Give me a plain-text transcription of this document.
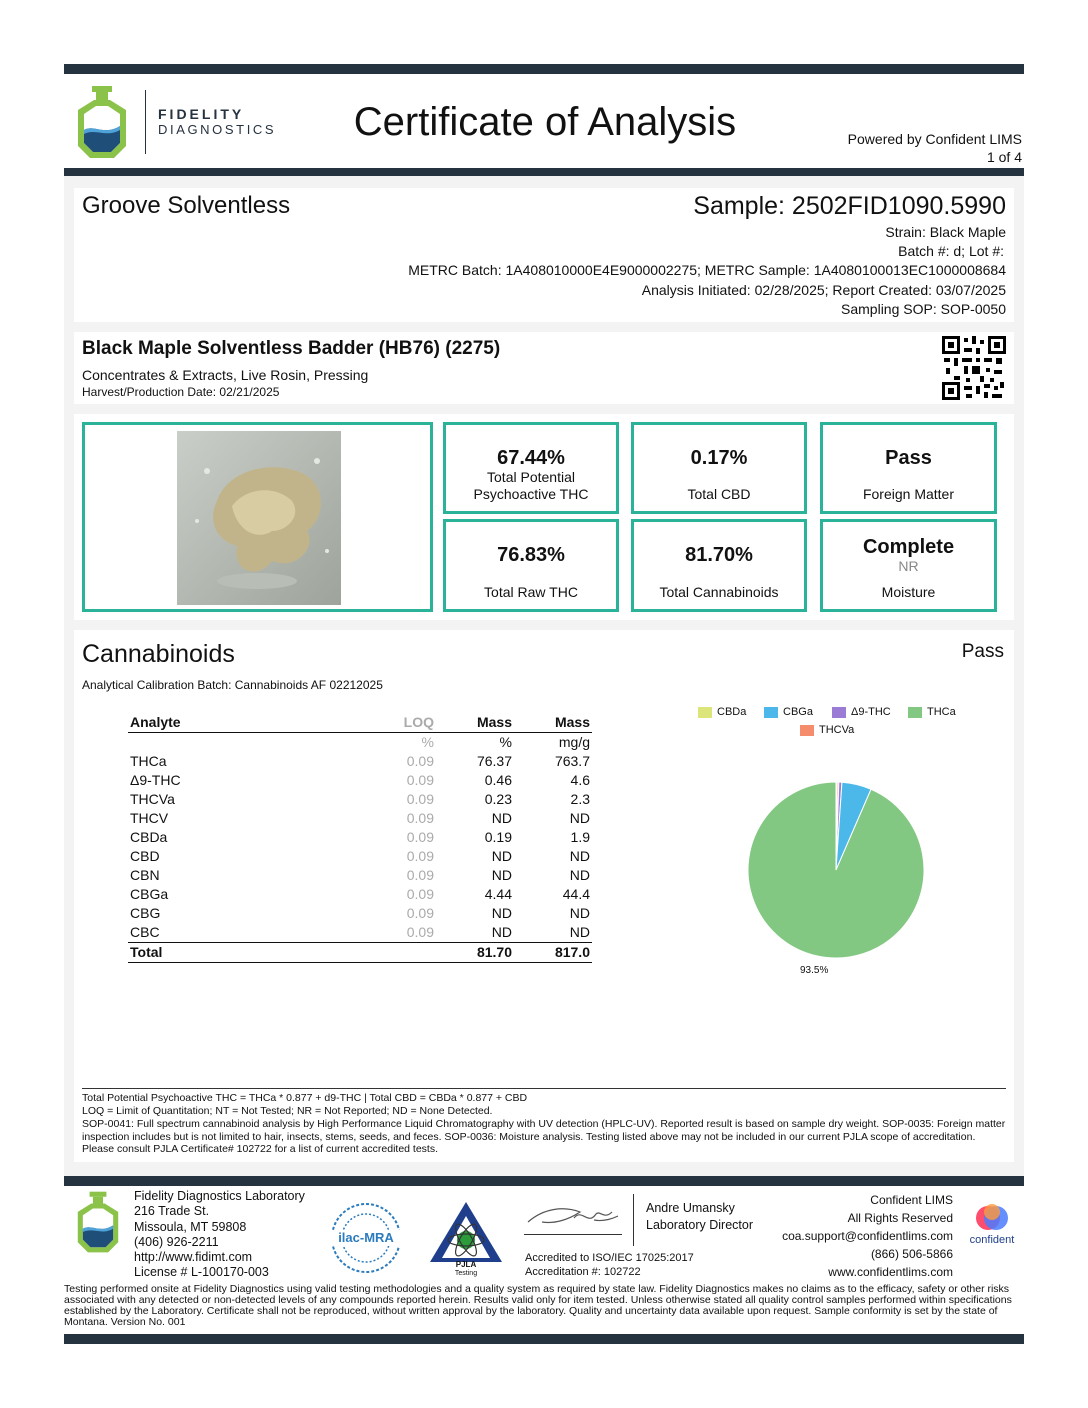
FIDELITY
DIAGNOSTICS	Certificate of Analysis	Powered by Confident LIMS
1 of 4
Groove Solventless	Sample: 2502FID1090.5990
Strain: Black Maple
Batch #: d; Lot #:
METRC Batch: 1A408010000E4E9000002275; METRC Sample: 1A4080100013EC1000008684
Analysis Initiated: 02/28/2025; Report Created: 03/07/2025
Sampling SOP: SOP-0050
Black Maple Solventless Badder (HB76) (2275)
Concentrates & Extracts, Live Rosin, Pressing
Harvest/Production Date: 02/21/2025
67.44%
Total Potential Psychoactive THC
0.17%
Total CBD
Pass
Foreign Matter
76.83%
Total Raw THC
81.70%
Total Cannabinoids
Complete
NR
Moisture
Cannabinoids	Pass
Analytical Calibration Batch: Cannabinoids AF 02212025
Analyte	LOQ	Mass	Mass
	%	%	mg/g
THCa	0.09	76.37	763.7
Δ9-THC	0.09	0.46	4.6
THCVa	0.09	0.23	2.3
THCV	0.09	ND	ND
CBDa	0.09	0.19	1.9
CBD	0.09	ND	ND
CBN	0.09	ND	ND
CBGa	0.09	4.44	44.4
CBG	0.09	ND	ND
CBC	0.09	ND	ND
Total		81.70	817.0
CBDa	CBGa	Δ9-THC	THCa
THCVa
93.5%
Total Potential Psychoactive THC = THCa * 0.877 + d9-THC | Total CBD = CBDa * 0.877 + CBD
LOQ = Limit of Quantitation; NT = Not Tested; NR = Not Reported; ND = None Detected.
SOP-0041: Full spectrum cannabinoid analysis by High Performance Liquid Chromatography with UV detection (HPLC-UV). Reported result is based on sample dry weight. SOP-0035: Foreign matter inspection includes but is not limited to hair, insects, stems, seeds, and feces. SOP-0036: Moisture analysis. Testing listed above may not be included in our current PJLA scope of accreditation. Please consult PJLA Certificate# 102722 for a list of current accredited tests.
Fidelity Diagnostics Laboratory
216 Trade St.
Missoula, MT 59808
(406) 926-2211
http://www.fidimt.com
License # L-100170-003
ilac-MRA
PJLA
Testing
Andre Umansky
Laboratory Director
Accredited to ISO/IEC 17025:2017
Accreditation #: 102722
Confident LIMS
All Rights Reserved
coa.support@confidentlims.com
(866) 506-5866
www.confidentlims.com
confident
Testing performed onsite at Fidelity Diagnostics using valid testing methodologies and a quality system as required by state law. Fidelity Diagnostics makes no claims as to the efficacy, safety or other risks associated with any detected or non-detected levels of any compounds reported herein. Results valid only for item tested. Unless otherwise stated all quality control samples performed within specifications established by the Laboratory. Certificate shall not be reproduced, without written approval by the laboratory. Quality and uncertainty data available upon request. Sample conformity is set by the state of Montana. Version No. 001
